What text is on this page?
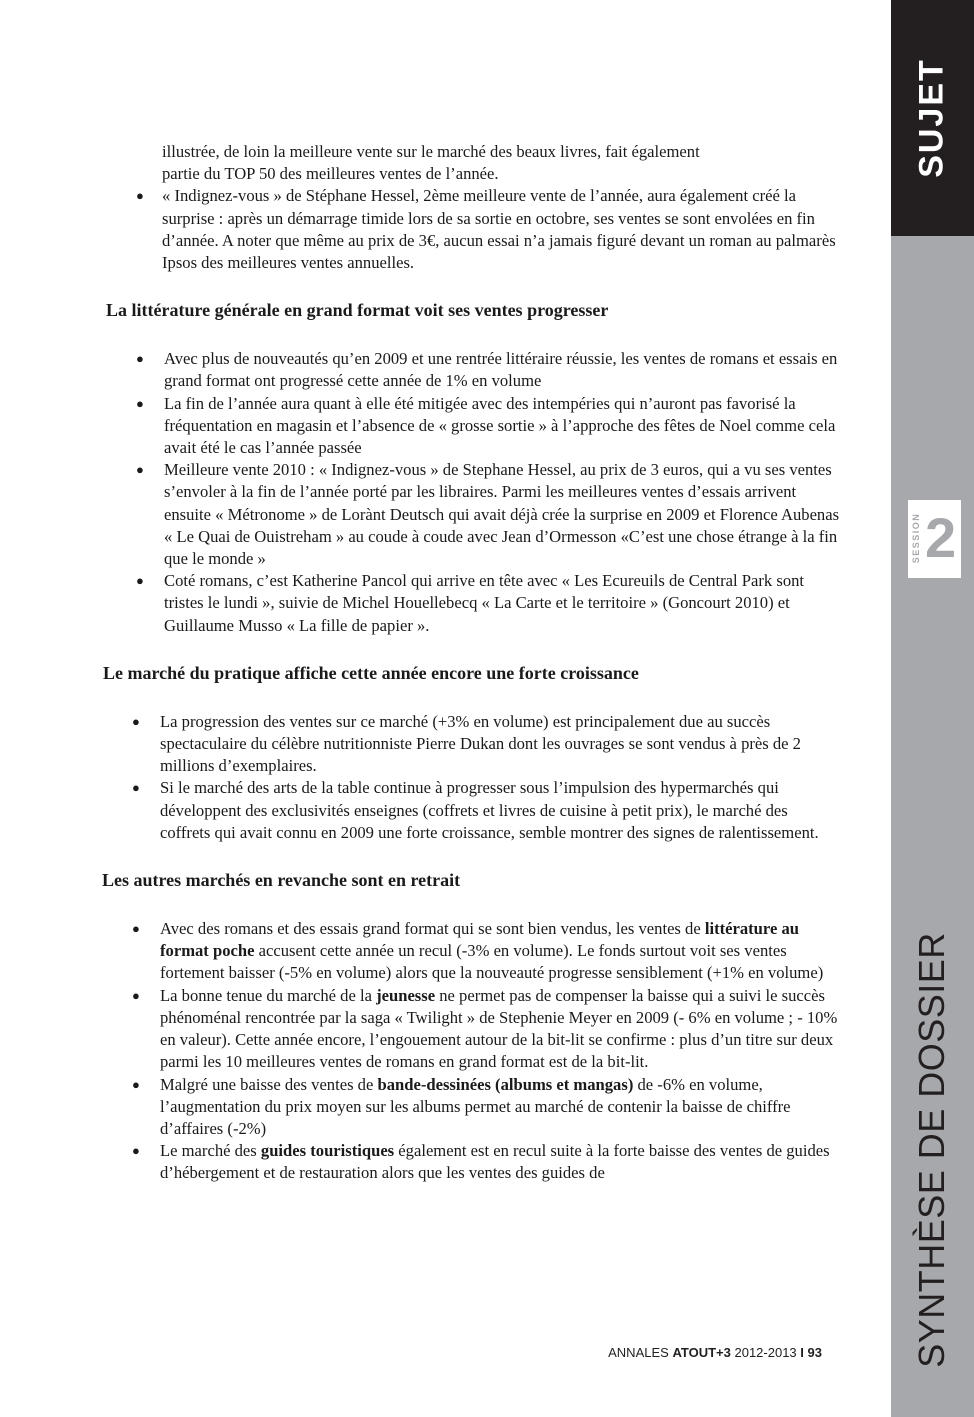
illustrée, de loin la meilleure vente sur le marché des beaux livres, fait également
partie du TOP 50 des meilleures ventes de l’année.
● « Indignez-vous » de Stéphane Hessel, 2ème meilleure vente de l’année, aura également créé la surprise : après un démarrage timide lors de sa sortie en octobre, ses ventes se sont envolées en fin d’année. A noter que même au prix de 3€, aucun essai n’a jamais figuré devant un roman au palmarès Ipsos des meilleures ventes annuelles.
La littérature générale en grand format voit ses ventes progresser
● Avec plus de nouveautés qu’en 2009 et une rentrée littéraire réussie, les ventes de romans et essais en grand format ont progressé cette année de 1% en volume
● La fin de l’année aura quant à elle été mitigée avec des intempéries qui n’auront pas favorisé la fréquentation en magasin et l’absence de « grosse sortie » à l’approche des fêtes de Noel comme cela avait été le cas l’année passée
● Meilleure vente 2010 : « Indignez-vous » de Stephane Hessel, au prix de 3 euros, qui a vu ses ventes s’envoler à la fin de l’année porté par les libraires. Parmi les meilleures ventes d’essais arrivent ensuite « Métronome » de Lorànt Deutsch qui avait déjà crée la surprise en 2009 et Florence Aubenas « Le Quai de Ouistreham » au coude à coude avec Jean d’Ormesson «C’est une chose étrange à la fin que le monde »
● Coté romans, c’est Katherine Pancol qui arrive en tête avec « Les Ecureuils de Central Park sont tristes le lundi », suivie de Michel Houellebecq « La Carte et le territoire » (Goncourt 2010) et Guillaume Musso « La fille de papier ».
Le marché du pratique affiche cette année encore une forte croissance
● La progression des ventes sur ce marché (+3% en volume) est principalement due au succès spectaculaire du célèbre nutritionniste Pierre Dukan dont les ouvrages se sont vendus à près de 2 millions d’exemplaires.
● Si le marché des arts de la table continue à progresser sous l’impulsion des hypermarchés qui développent des exclusivités enseignes (coffrets et livres de cuisine à petit prix), le marché des coffrets qui avait connu en 2009 une forte croissance, semble montrer des signes de ralentissement.
Les autres marchés en revanche sont en retrait
● Avec des romans et des essais grand format qui se sont bien vendus, les ventes de littérature au format poche accusent cette année un recul (-3% en volume). Le fonds surtout voit ses ventes fortement baisser (-5% en volume) alors que la nouveauté progresse sensiblement (+1% en volume)
● La bonne tenue du marché de la jeunesse ne permet pas de compenser la baisse qui a suivi le succès phénoménal rencontrée par la saga « Twilight » de Stephenie Meyer en 2009 (- 6% en volume ; - 10% en valeur). Cette année encore, l’engouement autour de la bit-lit se confirme : plus d’un titre sur deux parmi les 10 meilleures ventes de romans en grand format est de la bit-lit.
● Malgré une baisse des ventes de bande-dessinées (albums et mangas) de -6% en volume, l’augmentation du prix moyen sur les albums permet au marché de contenir la baisse de chiffre d’affaires (-2%)
● Le marché des guides touristiques également est en recul suite à la forte baisse des ventes de guides d’hébergement et de restauration alors que les ventes des guides de
SUJET
SESSION 2
SYNTHÈSE DE DOSSIER
ANNALES ATOUT+3 2012-2013 I 93
